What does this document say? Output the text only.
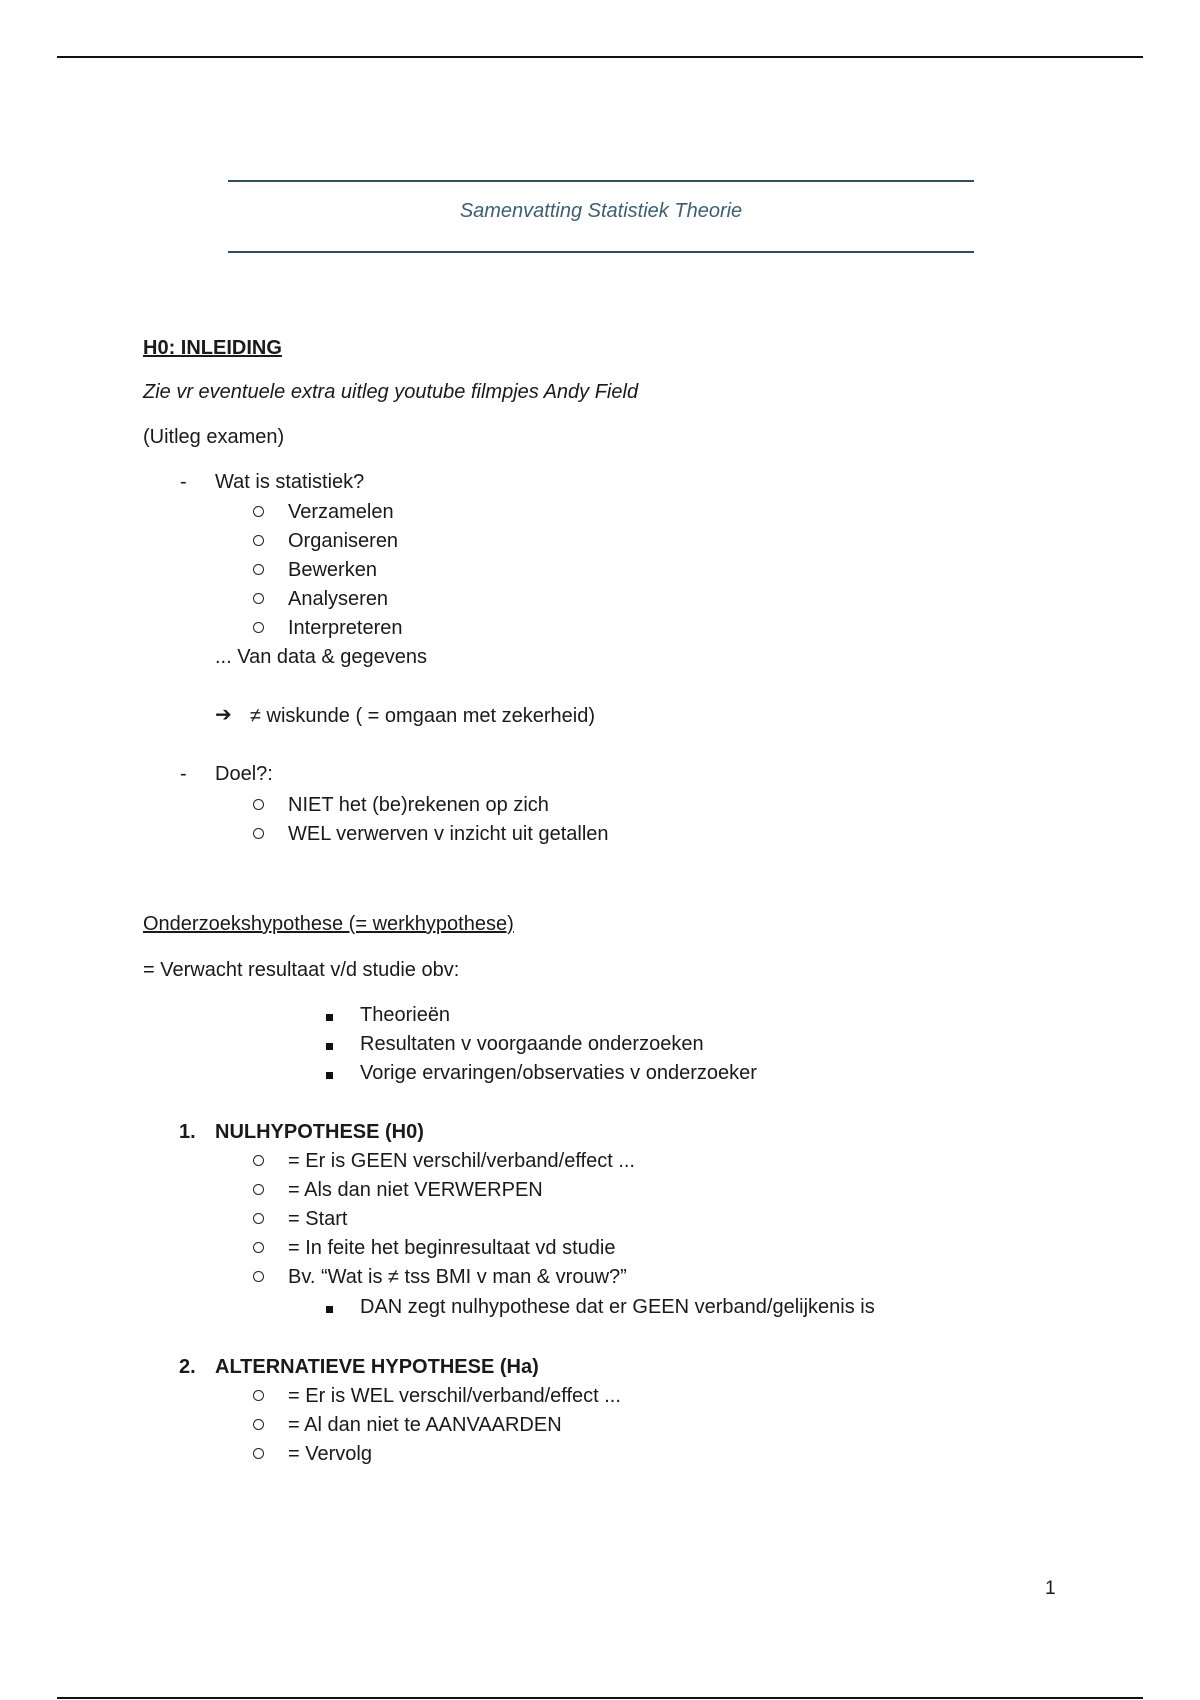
Samenvatting Statistiek Theorie
H0: INLEIDING
Zie vr eventuele extra uitleg youtube filmpjes Andy Field
(Uitleg examen)
- Wat is statistiek?
Verzamelen
Organiseren
Bewerken
Analyseren
Interpreteren
... Van data & gegevens
➔ ≠ wiskunde ( = omgaan met zekerheid)
- Doel?:
NIET het (be)rekenen op zich
WEL verwerven v inzicht uit getallen
Onderzoekshypothese (= werkhypothese)
= Verwacht resultaat v/d studie obv:
Theorieën
Resultaten v voorgaande onderzoeken
Vorige ervaringen/observaties v onderzoeker
1. NULHYPOTHESE (H0)
= Er is GEEN verschil/verband/effect ...
= Als dan niet VERWERPEN
= Start
= In feite het beginresultaat vd studie
Bv. “Wat is ≠ tss BMI v man & vrouw?”
DAN zegt nulhypothese dat er GEEN verband/gelijkenis is
2. ALTERNATIEVE HYPOTHESE (Ha)
= Er is WEL verschil/verband/effect ...
= Al dan niet te AANVAARDEN
= Vervolg
1
